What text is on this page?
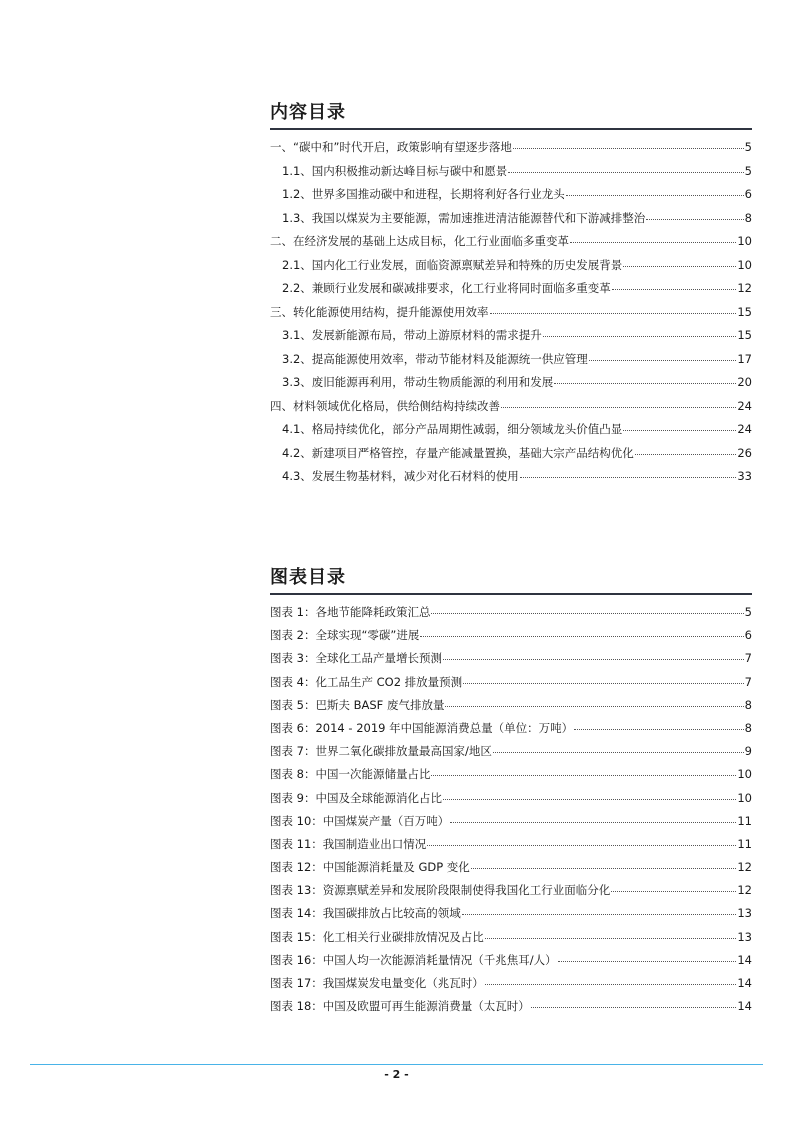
内容目录
一、“碳中和”时代开启，政策影响有望逐步落地	5
1.1、国内积极推动新达峰目标与碳中和愿景	5
1.2、世界多国推动碳中和进程，长期将利好各行业龙头	6
1.3、我国以煤炭为主要能源，需加速推进清洁能源替代和下游减排整治	8
二、在经济发展的基础上达成目标，化工行业面临多重变革	10
2.1、国内化工行业发展，面临资源禀赋差异和特殊的历史发展背景	10
2.2、兼顾行业发展和碳减排要求，化工行业将同时面临多重变革	12
三、转化能源使用结构，提升能源使用效率	15
3.1、发展新能源布局，带动上游原材料的需求提升	15
3.2、提高能源使用效率，带动节能材料及能源统一供应管理	17
3.3、废旧能源再利用，带动生物质能源的利用和发展	20
四、材料领域优化格局，供给侧结构持续改善	24
4.1、格局持续优化，部分产品周期性减弱，细分领域龙头价值凸显	24
4.2、新建项目严格管控，存量产能减量置换，基础大宗产品结构优化	26
4.3、发展生物基材料，减少对化石材料的使用	33
图表目录
图表 1：各地节能降耗政策汇总	5
图表 2：全球实现“零碳”进展	6
图表 3：全球化工品产量增长预测	7
图表 4：化工品生产 CO2 排放量预测	7
图表 5：巴斯夫 BASF 废气排放量	8
图表 6：2014 - 2019 年中国能源消费总量（单位：万吨）	8
图表 7：世界二氧化碳排放量最高国家/地区	9
图表 8：中国一次能源储量占比	10
图表 9：中国及全球能源消化占比	10
图表 10：中国煤炭产量（百万吨）	11
图表 11：我国制造业出口情况	11
图表 12：中国能源消耗量及 GDP 变化	12
图表 13：资源禀赋差异和发展阶段限制使得我国化工行业面临分化	12
图表 14：我国碳排放占比较高的领域	13
图表 15：化工相关行业碳排放情况及占比	13
图表 16：中国人均一次能源消耗量情况（千兆焦耳/人）	14
图表 17：我国煤炭发电量变化（兆瓦时）	14
图表 18：中国及欧盟可再生能源消费量（太瓦时）	14
- 2 -
